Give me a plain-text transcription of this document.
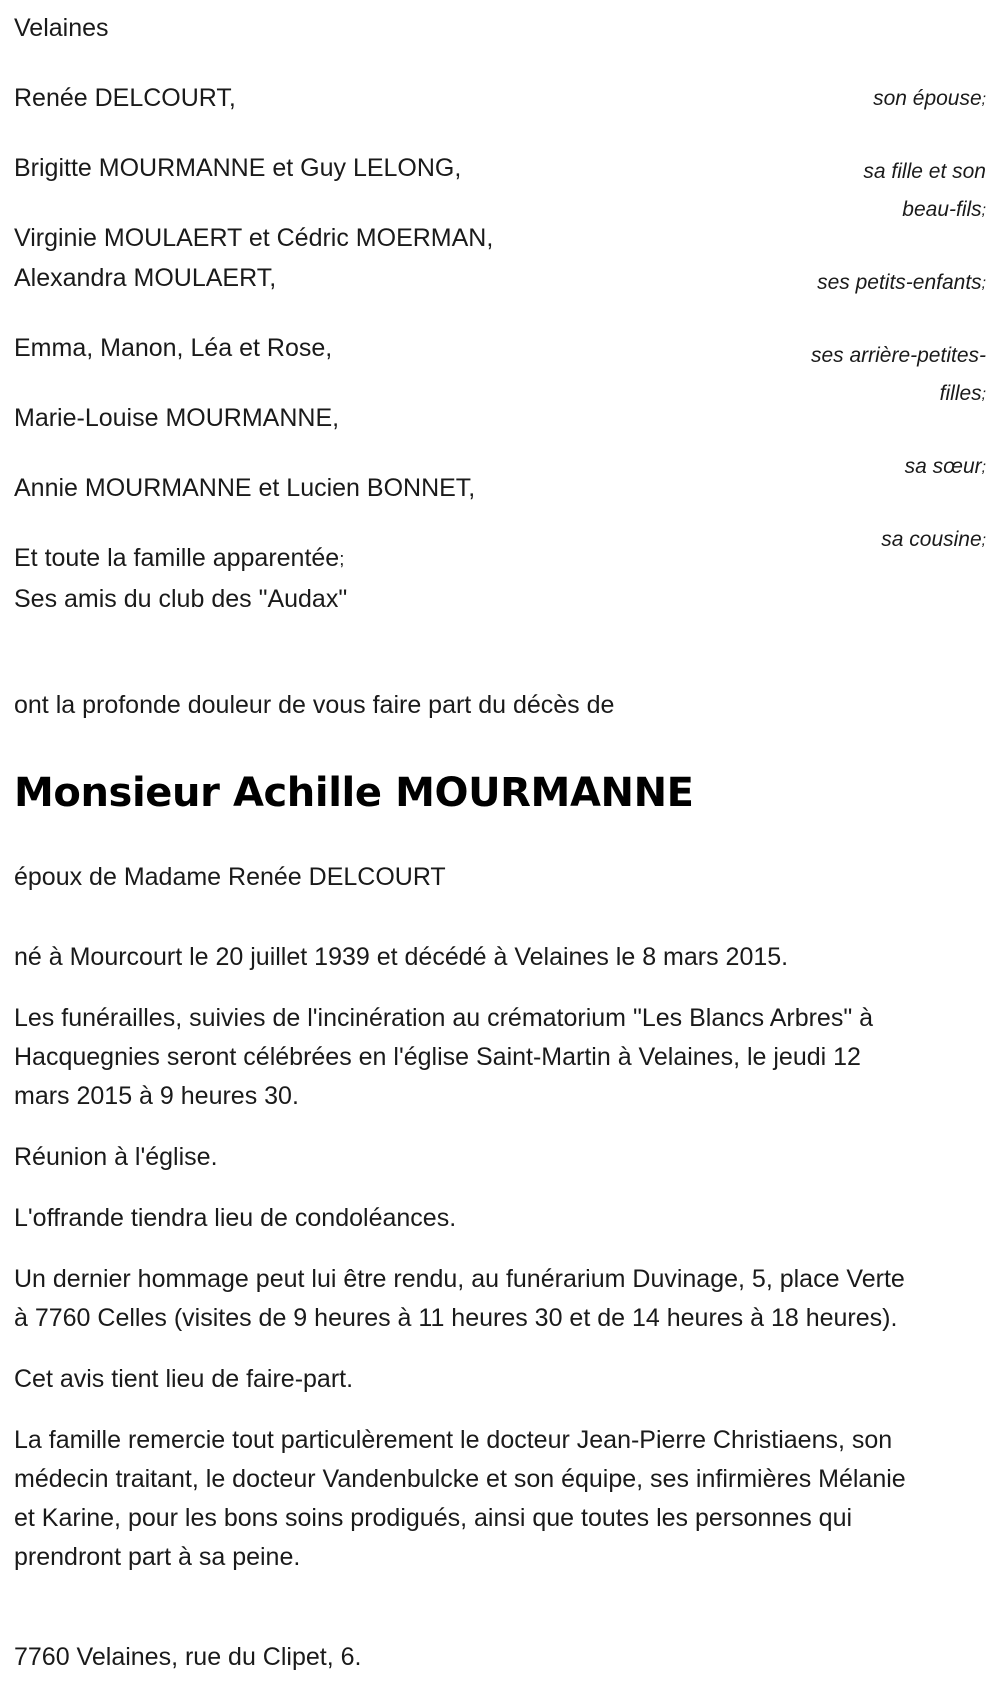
Velaines
Renée DELCOURT,
Brigitte MOURMANNE et Guy LELONG,
Virginie MOULAERT et Cédric MOERMAN,
Alexandra MOULAERT,
Emma, Manon, Léa et Rose,
Marie-Louise MOURMANNE,
Annie MOURMANNE et Lucien BONNET,
Et toute la famille apparentée;
Ses amis du club des "Audax"
son épouse;
sa fille et son
beau-fils;
ses petits-enfants;
ses arrière-petites-
filles;
sa sœur;
sa cousine;

ont la profonde douleur de vous faire part du décès de

Monsieur Achille MOURMANNE

époux de Madame Renée DELCOURT

né à Mourcourt le 20 juillet 1939 et décédé à Velaines le 8 mars 2015.

Les funérailles, suivies de l'incinération au crématorium "Les Blancs Arbres" à Hacquegnies seront célébrées en l'église Saint-Martin à Velaines, le jeudi 12 mars 2015 à 9 heures 30.

Réunion à l'église.

L'offrande tiendra lieu de condoléances.

Un dernier hommage peut lui être rendu, au funérarium Duvinage, 5, place Verte à 7760 Celles (visites de 9 heures à 11 heures 30 et de 14 heures à 18 heures).

Cet avis tient lieu de faire-part.

La famille remercie tout particulèrement le docteur Jean-Pierre Christiaens, son médecin traitant, le docteur Vandenbulcke et son équipe, ses infirmières Mélanie et Karine, pour les bons soins prodigués, ainsi que toutes les personnes qui prendront part à sa peine.

7760 Velaines, rue du Clipet, 6.
